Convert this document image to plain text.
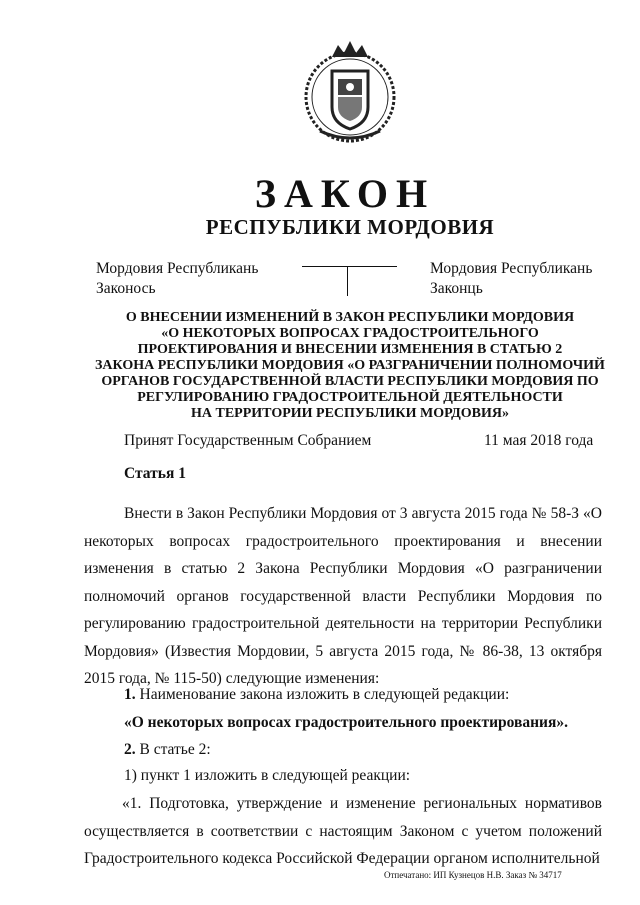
ЗАКОН
РЕСПУБЛИКИ МОРДОВИЯ
Мордовия Республикань
Законось
Мордовия Республикань
Законць
О ВНЕСЕНИИ ИЗМЕНЕНИЙ В ЗАКОН РЕСПУБЛИКИ МОРДОВИЯ
«О НЕКОТОРЫХ ВОПРОСАХ ГРАДОСТРОИТЕЛЬНОГО
ПРОЕКТИРОВАНИЯ И ВНЕСЕНИИ ИЗМЕНЕНИЯ В СТАТЬЮ 2
ЗАКОНА РЕСПУБЛИКИ МОРДОВИЯ «О РАЗГРАНИЧЕНИИ ПОЛНОМОЧИЙ
ОРГАНОВ ГОСУДАРСТВЕННОЙ ВЛАСТИ РЕСПУБЛИКИ МОРДОВИЯ ПО
РЕГУЛИРОВАНИЮ ГРАДОСТРОИТЕЛЬНОЙ ДЕЯТЕЛЬНОСТИ
НА ТЕРРИТОРИИ РЕСПУБЛИКИ МОРДОВИЯ»
Принят Государственным Собранием	11 мая 2018 года
Статья 1
Внести в Закон Республики Мордовия от 3 августа 2015 года № 58-З «О некоторых вопросах градостроительного проектирования и внесении изменения в статью 2 Закона Республики Мордовия «О разграничении полномочий органов государственной власти Республики Мордовия по регулированию градостроительной деятельности на территории Республики Мордовия» (Известия Мордовии, 5 августа 2015 года, № 86-38, 13 октября 2015 года, № 115-50) следующие изменения:
1. Наименование закона изложить в следующей редакции:
«О некоторых вопросах градостроительного проектирования».
2. В статье 2:
1) пункт 1 изложить в следующей реакции:
«1. Подготовка, утверждение и изменение региональных нормативов осуществляется в соответствии с настоящим Законом с учетом положений Градостроительного кодекса Российской Федерации органом исполнительной
Отпечатано: ИП Кузнецов Н.В. Заказ № 34717
